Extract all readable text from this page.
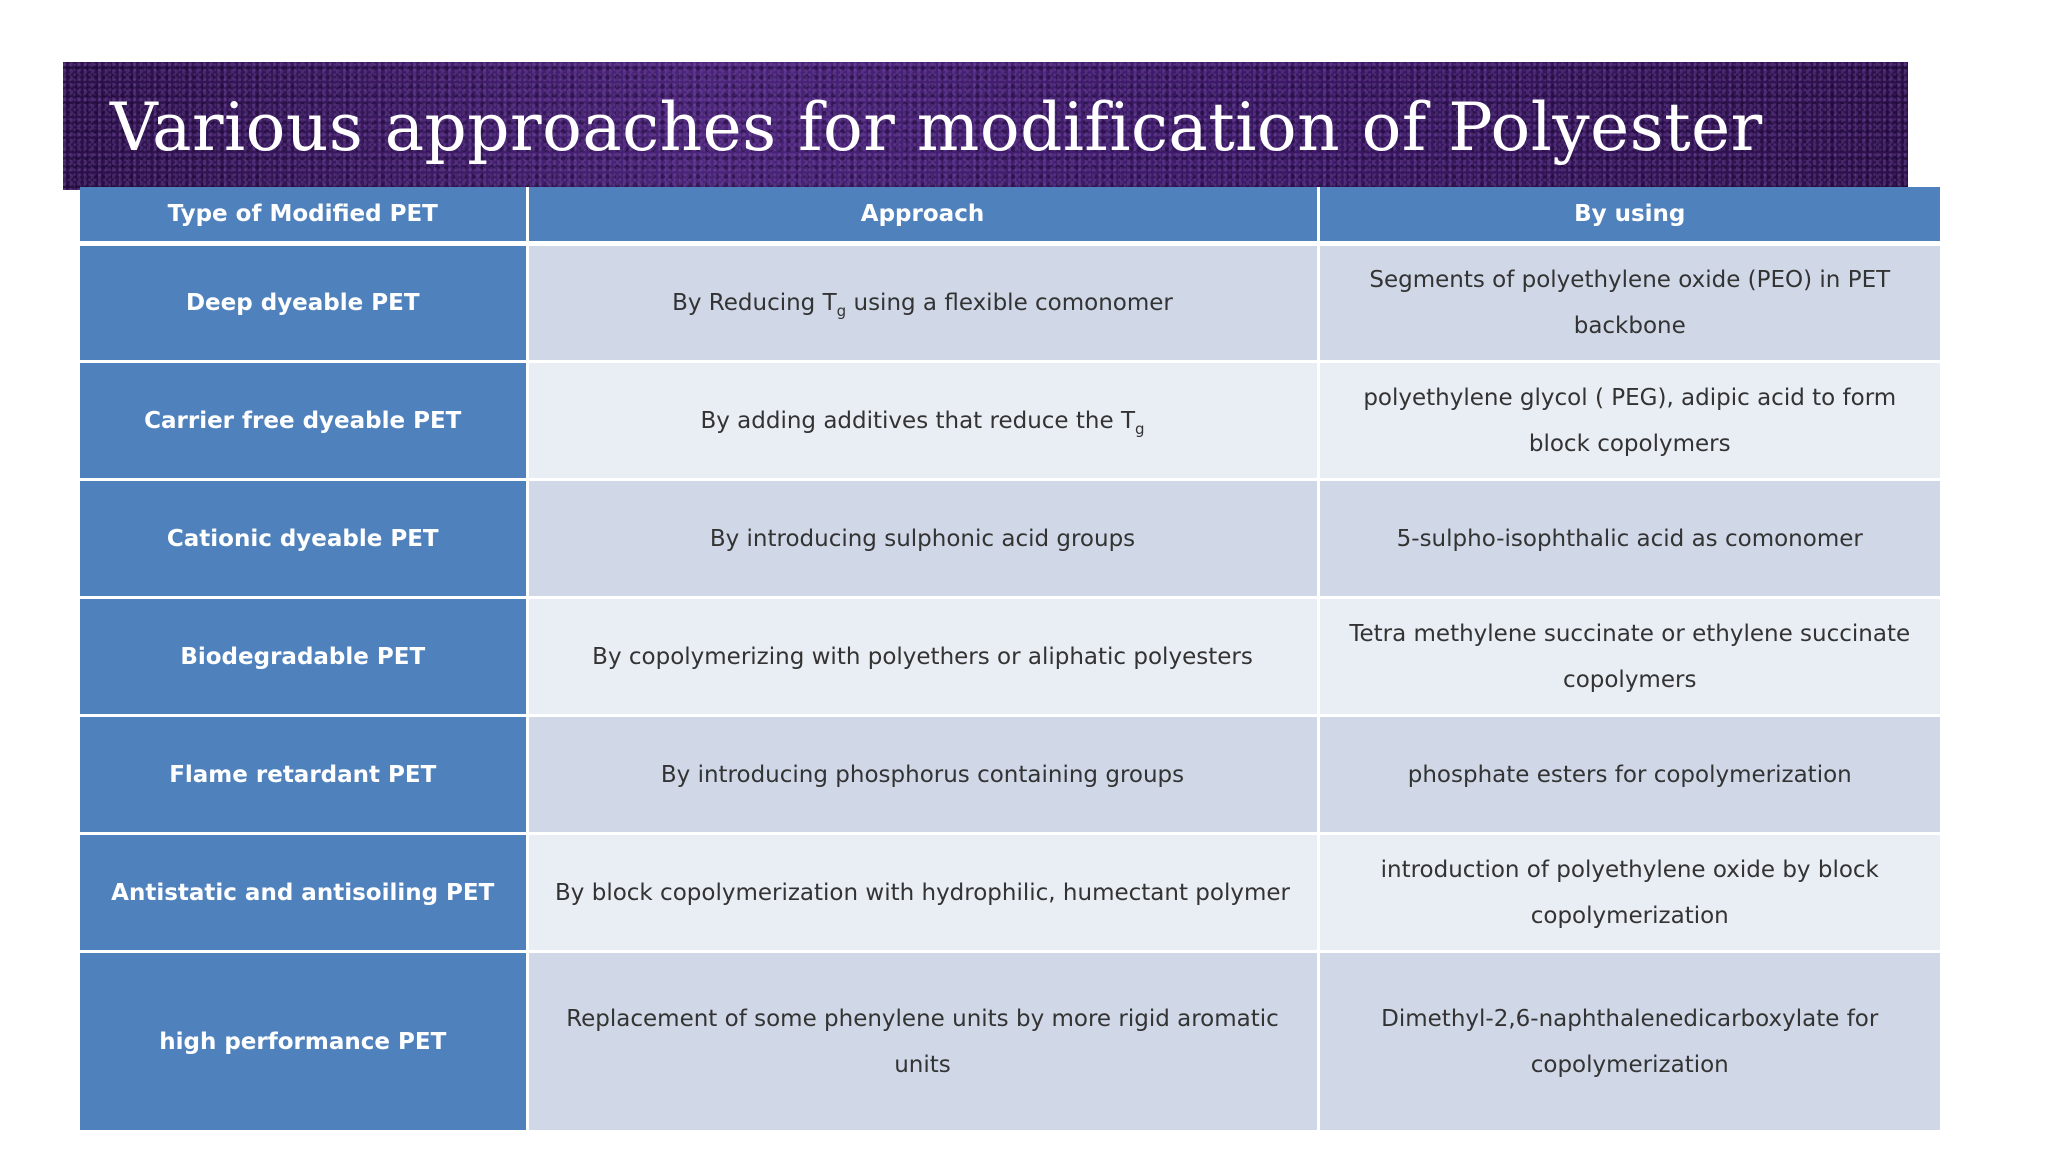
Various approaches for modification of Polyester
Type of Modified PET	Approach	By using
Deep dyeable PET	By Reducing $T_g$ using a flexible comonomer	Segments of polyethylene oxide (PEO) in PET backbone
Carrier free dyeable PET	By adding additives that reduce the $T_g$	polyethylene glycol ( PEG), adipic acid to form block copolymers
Cationic dyeable PET	By introducing sulphonic acid groups	5-sulpho-isophthalic acid as comonomer
Biodegradable PET	By copolymerizing with polyethers or aliphatic polyesters	Tetra methylene succinate or ethylene succinate copolymers
Flame retardant PET	By introducing phosphorus containing groups	phosphate esters for copolymerization
Antistatic and antisoiling PET	By block copolymerization with hydrophilic, humectant polymer	introduction of polyethylene oxide by block copolymerization
high performance PET	Replacement of some phenylene units by more rigid aromatic units	Dimethyl-2,6-naphthalenedicarboxylate for copolymerization
